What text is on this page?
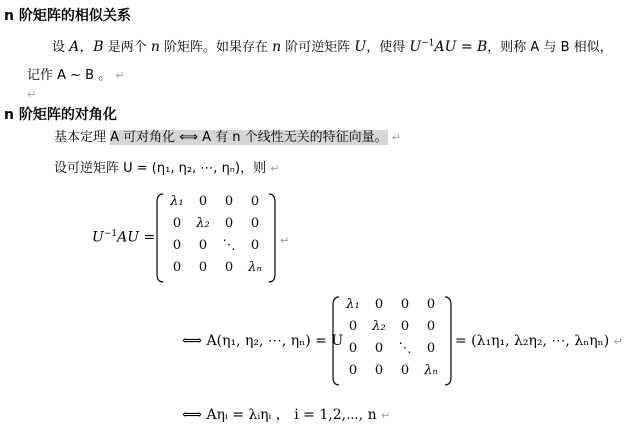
n 阶矩阵的相似关系
设 A，B 是两个 n 阶矩阵。如果存在 n 阶可逆矩阵 U，使得 $U^{-1}AU = B$，则称 A 与 B 相似，
记作 A ~ B 。 ↵
↵
n 阶矩阵的对角化
基本定理 A 可对角化 ⟺ A 有 n 个线性无关的特征向量。 ↵
设可逆矩阵 U = (η₁, η₂, ⋯, ηₙ)，则 ↵
$U^{-1}AU$ =
λ₁	0	0	0
0	λ₂	0	0
0	0	⋱	0
0	0	0	λₙ
↵
⟺ A(η₁, η₂, ⋯, ηₙ) = U
λ₁	0	0	0
0	λ₂	0	0
0	0	⋱	0
0	0	0	λₙ
= (λ₁η₁, λ₂η₂, ⋯, λₙηₙ) ↵
⟺ Aηᵢ = λᵢηᵢ ， i = 1,2,⋯, n ↵
